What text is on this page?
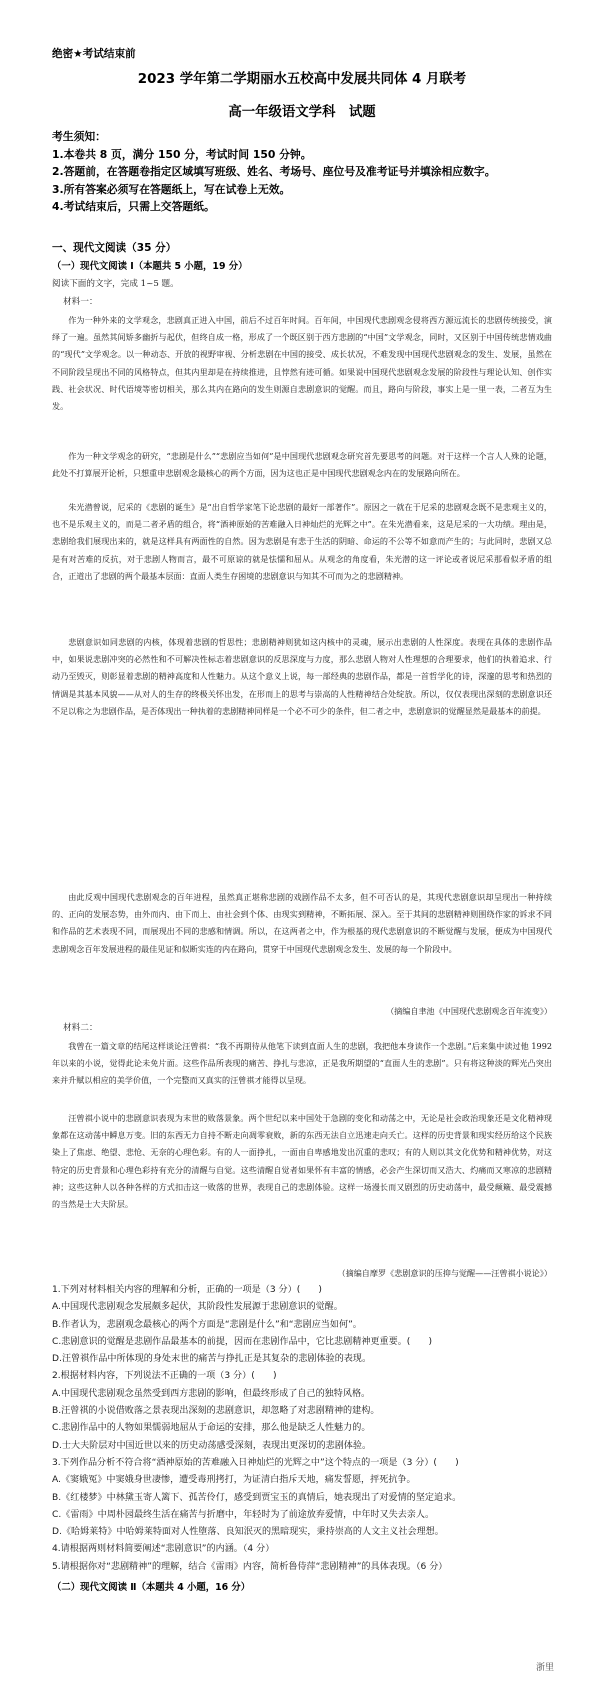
绝密★考试结束前
2023 学年第二学期丽水五校高中发展共同体 4 月联考
高一年级语文学科　试题
考生须知：
1.本卷共 8 页，满分 150 分，考试时间 150 分钟。
2.答题前，在答题卷指定区域填写班级、姓名、考场号、座位号及准考证号并填涂相应数字。
3.所有答案必须写在答题纸上，写在试卷上无效。
4.考试结束后，只需上交答题纸。
一、现代文阅读（35 分）
（一）现代文阅读 Ⅰ（本题共 5 小题，19 分）
阅读下面的文字，完成 1~5 题。
材料一：
作为一种外来的文学观念，悲剧真正进入中国，前后不过百年时间。百年间，中国现代悲剧观念侵将西方源远流长的悲剧传统接受，演绎了一遍。虽然其间矫多幽折与起伏，但终自成一格，形成了一个既区别于西方悲剧的“中国”文学观念，同时，又区别于中国传统悲情戏曲的“现代”文学观念。以一种动态、开放的视野审视、分析悲剧在中国的接受、成长状况，不难发现中国现代悲剧观念的发生、发展，虽然在不同阶段呈现出不同的风格特点，但其内里却是在持续推进，且悖然有迹可循。如果说中国现代悲剧观念发展的阶段性与理论认知、创作实践、社会状况、时代语境等密切相关，那么其内在路向的发生则源自悲剧意识的觉醒。而且，路向与阶段，事实上是一里一表，二者互为生发。
作为一种文学观念的研究，“悲剧是什么”“悲剧应当如何”是中国现代悲剧观念研究首先要思考的问题。对于这样一个言人人殊的论题，此处不打算展开论析，只想重申悲剧观念最核心的两个方面，因为这也正是中国现代悲剧观念内在的发展路向所在。
朱光潜曾说，尼采的《悲剧的诞生》是“出自哲学家笔下论悲剧的最好一部著作”。原因之一就在于尼采的悲剧观念既不是悲观主义的，也不是乐观主义的，而是二者矛盾的组合，将“酒神原始的苦难融入日神灿烂的光辉之中”。在朱光潜看来，这是尼采的一大功绩。理由是，悲剧给我们展现出来的，就是这样具有两面性的自然。因为悲剧是有悲于生活的阴暗、命运的不公等不如意而产生的；与此同时，悲剧又总是有对苦难的反抗，对于悲剧人物而言，最不可原谅的就是怯懦和屈从。从观念的角度看，朱光潜的这一评论或者说尼采那看似矛盾的组合，正道出了悲剧的两个最基本层面：直面人类生存困境的悲剧意识与知其不可而为之的悲剧精神。
悲剧意识如同悲剧的内核，体现着悲剧的哲思性；悲剧精神则犹如这内核中的灵魂，展示出悲剧的人性深度。表现在具体的悲剧作品中，如果说悲剧冲突的必然性和不可解决性标志着悲剧意识的反思深度与力度，那么悲剧人物对人性理想的合理要求，他们的执着追求、行动乃至毁灭，则彰显着悲剧的精神高度和人性魅力。从这个意义上说，每一部经典的悲剧作品，都是一首哲学化的诗，深邃的思考和热烈的情调是其基本风貌——从对人的生存的终极关怀出发，在形而上的思考与崇高的人性精神结合处绽放。所以，仅仅表现出深刻的悲剧意识还不足以称之为悲剧作品，是否体现出一种执着的悲剧精神同样是一个必不可少的条件，但二者之中，悲剧意识的觉醒显然是最基本的前提。
由此反观中国现代悲剧观念的百年进程，虽然真正堪称悲剧的戏剧作品不太多，但不可否认的是，其现代悲剧意识却呈现出一种持续的、正向的发展态势，由外而内、由下而上、由社会到个体、由现实到精神，不断拓展、深入。至于其间的悲剧精神则围绕作家的诉求不同和作品的艺术表现不同，而展现出不同的悲感和情调。所以，在这两者之中，作为根基的现代悲剧意识的不断觉醒与发展，便成为中国现代悲剧观念百年发展进程的最佳见证和似断实连的内在路向，贯穿于中国现代悲剧观念发生、发展的每一个阶段中。
（摘编自聿池《中国现代悲剧观念百年流变》）
材料二：
我曾在一篇文章的结尾这样谈论汪曾祺：“我不再期待从他笔下读到直面人生的悲剧，我把他本身读作一个悲剧。”后来集中读过他 1992 年以来的小说，觉得此论未免片面。这些作品所表现的痛苦、挣扎与悲凉，正是我所期望的“直面人生的悲剧”。只有将这种淡的辉光凸突出来并升赋以相应的美学价值，一个完整而又真实的汪曾祺才能得以呈现。
汪曾祺小说中的悲剧意识表现为末世的败落景象。两个世纪以来中国处于急剧的变化和动荡之中，无论是社会政治现象还是文化精神现象都在这动荡中瞬息万变。旧的东西无力自持不断走向凋零衰败，新的东西无法自立迅速走向夭亡。这样的历史背景和现实经历给这个民族染上了焦虑、绝望、悲怆、无奈的心理色彩。有的人一面挣扎，一面由自卑感地发出沉重的悲叹；有的人则以其文化优势和精神优势，对这特定的历史背景和心理色彩持有充分的清醒与自觉。这些清醒自觉者如果怀有丰富的情感，必会产生深切而又浩大、灼痛而又寒凉的悲剧精神；这些这种人以各种各样的方式扣击这一败落的世界，表现自己的悲剧体验。这样一场漫长而又剧烈的历史动荡中，最受颠簸、最受震撼的当然是士大夫阶层。
（摘编自摩罗《悲剧意识的压抑与觉醒——汪曾祺小说论》）
1.下列对材料相关内容的理解和分析，正确的一项是（3 分）(　　)
A.中国现代悲剧观念发展颇多起伏，其阶段性发展源于悲剧意识的觉醒。
B.作者认为，悲剧观念最核心的两个方面是“悲剧是什么”和“悲剧应当如何”。
C.悲剧意识的觉醒是悲剧作品最基本的前提，因而在悲剧作品中，它比悲剧精神更重要。(　　)
D.汪曾祺作品中所体现的身处末世的痛苦与挣扎正是其复杂的悲剧体验的表现。
2.根据材料内容，下列说法不正确的一项（3 分）(　　)
A.中国现代悲剧观念虽然受到西方悲剧的影响，但最终形成了自己的独特风格。
B.汪曾祺的小说借败落之景表现出深刻的悲剧意识，却忽略了对悲剧精神的建构。
C.悲剧作品中的人物如果懦弱地屈从于命运的安排，那么他是缺乏人性魅力的。
D.士大夫阶层对中国近世以来的历史动荡感受深刻，表现出更深切的悲剧体验。
3.下列作品分析不符合将“酒神原始的苦难融入日神灿烂的光辉之中”这个特点的一项是（3 分）(　　)
A.《窦娥冤》中窦娥身世凄惨，遭受毒刑拷打，为证清白指斥天地，痛发誓愿，抨死抗争。
B.《红楼梦》中林黛玉寄人篱下、孤苦伶仃，感受到贾宝玉的真情后，她表现出了对爱情的坚定追求。
C.《雷雨》中周朴园最终生活在痛苦与折磨中，年轻时为了前途放弃爱情，中年时又失去亲人。
D.《哈姆莱特》中哈姆莱特面对人性堕落、良知泯灭的黑暗现实，秉持崇高的人文主义社会理想。
4.请根据两则材料简要阐述“悲剧意识”的内涵。（4 分）
5.请根据你对“悲剧精神”的理解，结合《雷雨》内容，简析鲁侍萍“悲剧精神”的具体表现。（6 分）
（二）现代文阅读 Ⅱ（本题共 4 小题，16 分）
浙里
